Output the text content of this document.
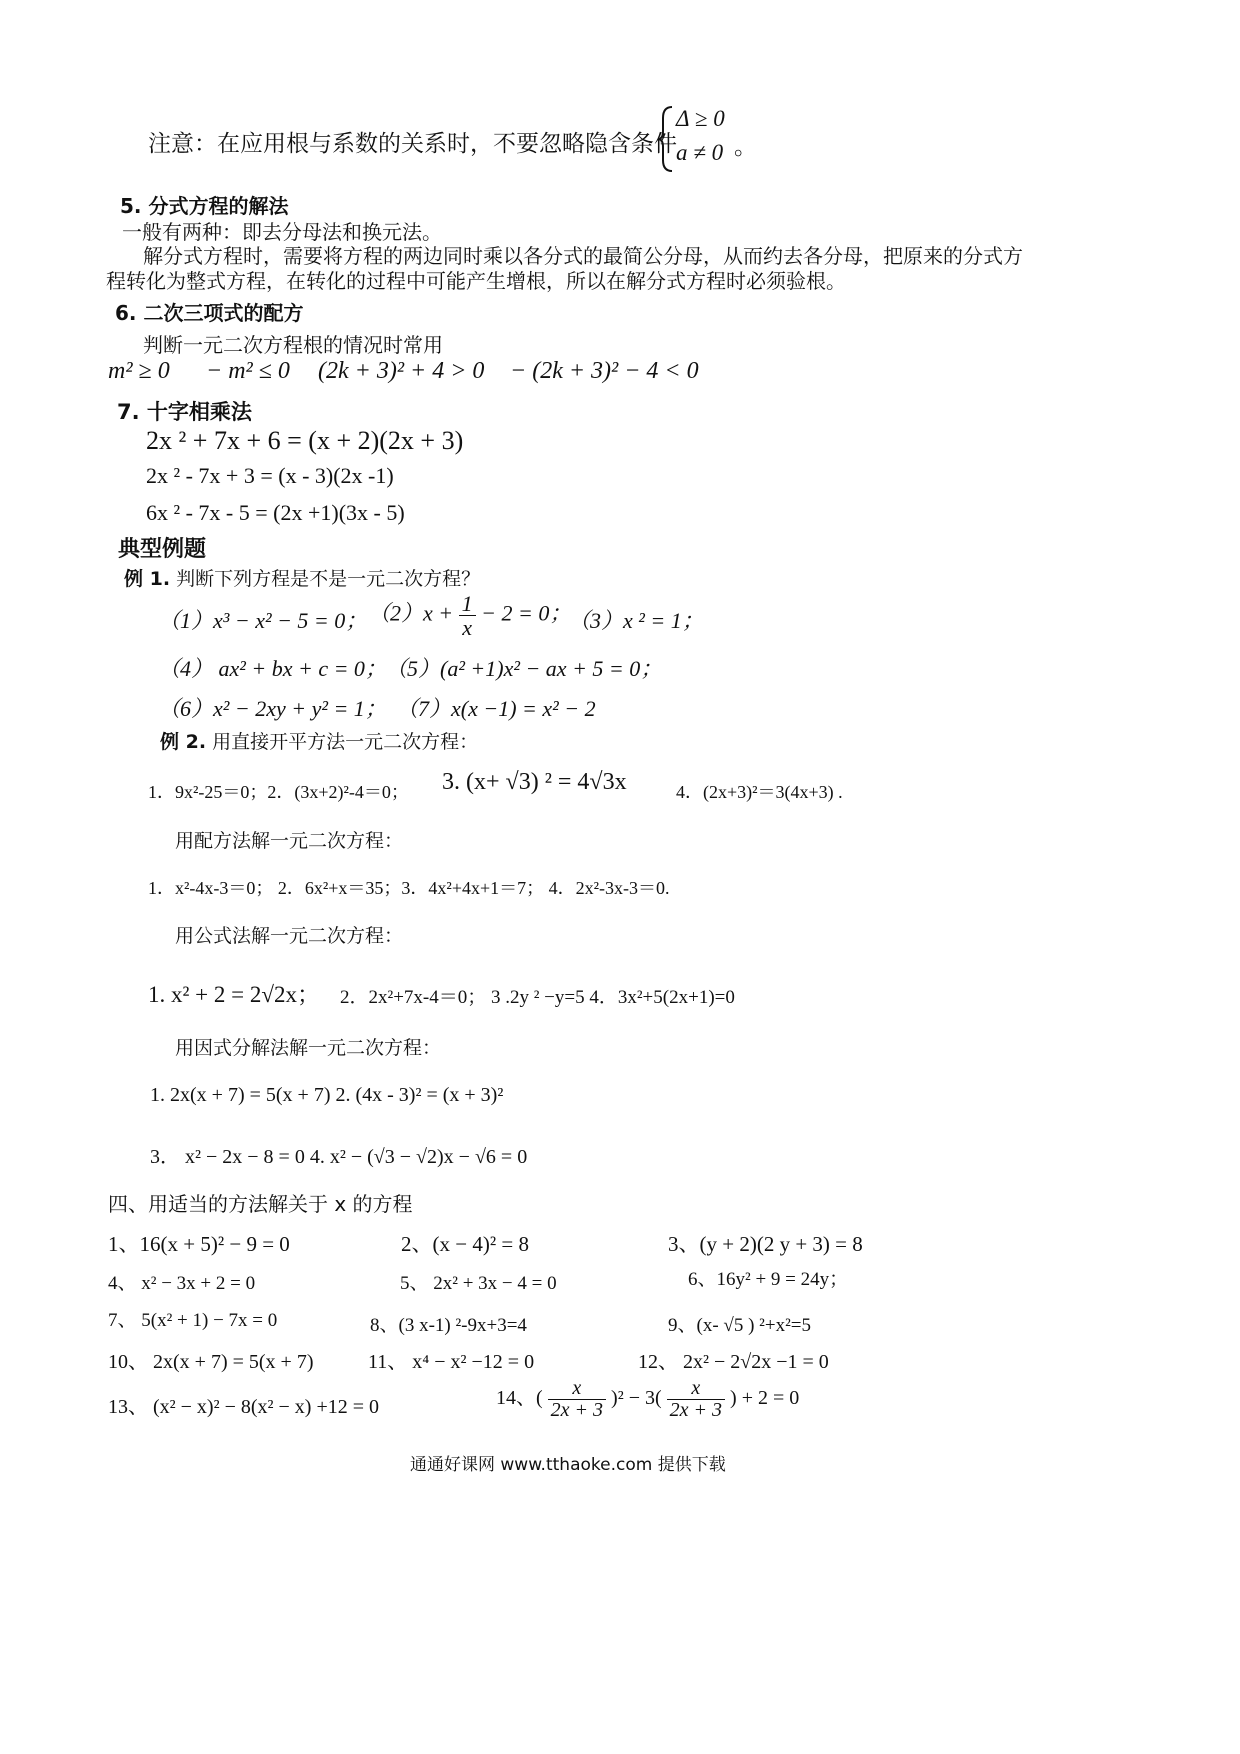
注意：在应用根与系数的关系时，不要忽略隐含条件
Δ ≥ 0
a ≠ 0 。
5. 分式方程的解法
一般有两种：即去分母法和换元法。
解分式方程时，需要将方程的两边同时乘以各分式的最简公分母，从而约去各分母，把原来的分式方
程转化为整式方程，在转化的过程中可能产生增根，所以在解分式方程时必须验根。
6. 二次三项式的配方
判断一元二次方程根的情况时常用
m² ≥ 0 − m² ≤ 0 (2k + 3)² + 4 > 0 − (2k + 3)² − 4 < 0
7. 十字相乘法
2x ² + 7x + 6 = (x + 2)(2x + 3)
2x ² - 7x + 3 = (x - 3)(2x -1)
6x ² - 7x - 5 = (2x +1)(3x - 5)
典型例题
例 1. 判断下列方程是不是一元二次方程？
（1）x³ − x² − 5 = 0； $(2)x + \frac{1}{x} - 2 = 0$；
（3）x ² = 1；
（4） ax² + bx + c = 0；
（5）(a² +1)x² − ax + 5 = 0；
（6）x² − 2xy + y² = 1； （7）x(x −1) = x² − 2
例 2. 用直接开平方法一元二次方程：
1．9x²-25＝0；2．(3x+2)²-4＝0； 3. (x+ √3) ² = 4√3x	4．(2x+3)²＝3(4x+3) .
用配方法解一元二次方程：
1．x²-4x-3＝0； 2．6x²+x＝35；3．4x²+4x+1＝7； 4．2x²-3x-3＝0.
用公式法解一元二次方程：
1. x² + 2 = 2√2x； 2．2x²+7x-4＝0； 3 .2y ² −y=5 4．3x²+5(2x+1)=0
用因式分解法解一元二次方程：
1. 2x(x + 7) = 5(x + 7) 2. (4x - 3)² = (x + 3)²
3． x² − 2x − 8 = 0 4. x² − (√3 − √2)x − √6 = 0
四、用适当的方法解关于 x 的方程
1、16(x + 5)² − 9 = 0	2、(x − 4)² = 8	3、(y + 2)(2 y + 3) = 8
4、 x² − 3x + 2 = 0	5、 2x² + 3x − 4 = 0	6、16y² + 9 = 24y；
7、 5(x² + 1) − 7x = 0	8、(3 x-1) ²-9x+3=4	9、(x- √5 ) ²+x²=5
10、 2x(x + 7) = 5(x + 7)	11、 x⁴ − x² −12 = 0	12、 2x² − 2√2x −1 = 0
13、 (x² − x)² − 8(x² − x) +12 = 0	14、( $\frac{x}{2x + 3} )^2 - 3( \frac{x}{2x + 3}$ ) + 2 = 0
通通好课网 www.tthaoke.com 提供下载
